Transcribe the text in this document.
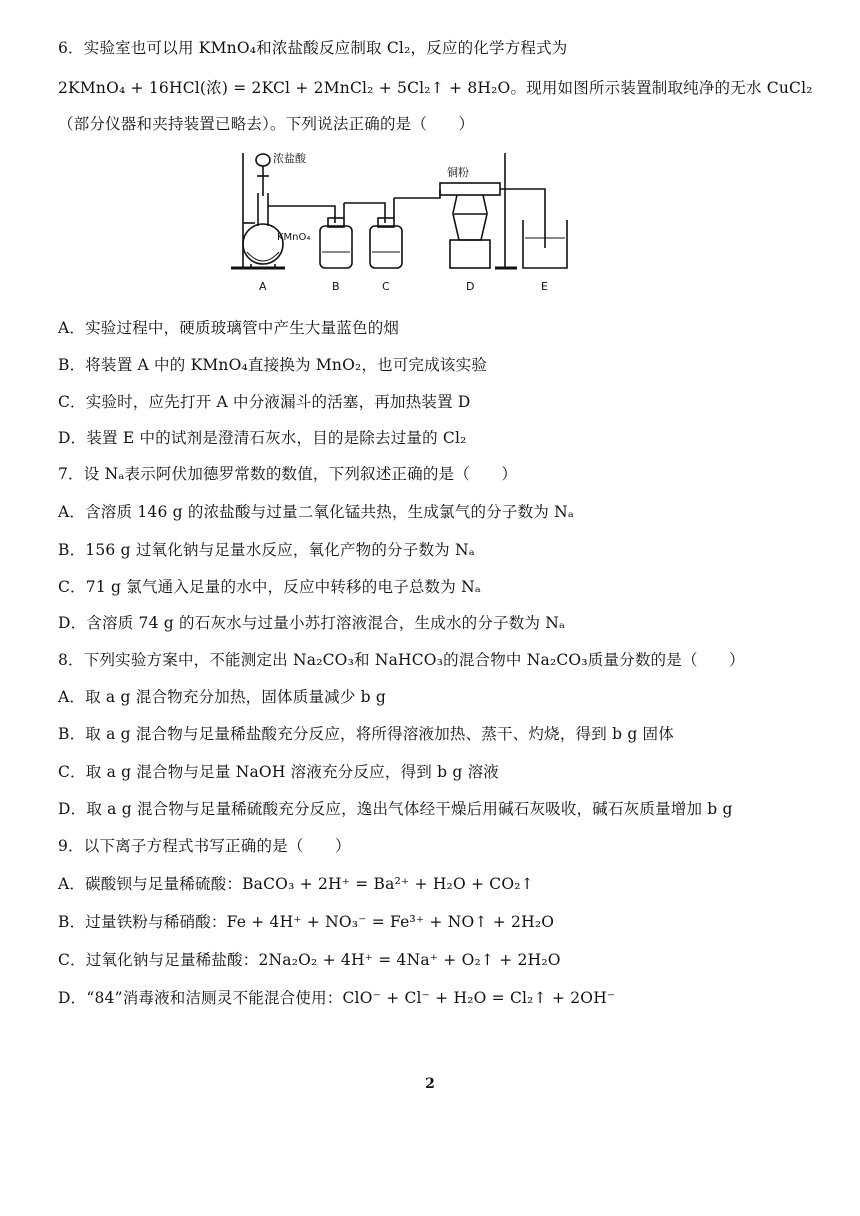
6．实验室也可以用 KMnO₄和浓盐酸反应制取 Cl₂，反应的化学方程式为
2KMnO₄ + 16HCl(浓) = 2KCl + 2MnCl₂ + 5Cl₂↑ + 8H₂O。现用如图所示装置制取纯净的无水 CuCl₂
（部分仪器和夹持装置已略去）。下列说法正确的是（　　）
浓盐酸
KMnO₄
铜粉
A	B	C	D	E
A．实验过程中，硬质玻璃管中产生大量蓝色的烟
B．将装置 A 中的 KMnO₄直接换为 MnO₂，也可完成该实验
C．实验时，应先打开 A 中分液漏斗的活塞，再加热装置 D
D．装置 E 中的试剂是澄清石灰水，目的是除去过量的 Cl₂
7．设 Nₐ表示阿伏加德罗常数的数值，下列叙述正确的是（　　）
A．含溶质 146 g 的浓盐酸与过量二氧化锰共热，生成氯气的分子数为 Nₐ
B．156 g 过氧化钠与足量水反应，氧化产物的分子数为 Nₐ
C．71 g 氯气通入足量的水中，反应中转移的电子总数为 Nₐ
D．含溶质 74 g 的石灰水与过量小苏打溶液混合，生成水的分子数为 Nₐ
8．下列实验方案中，不能测定出 Na₂CO₃和 NaHCO₃的混合物中 Na₂CO₃质量分数的是（　　）
A．取 a g 混合物充分加热，固体质量减少 b g
B．取 a g 混合物与足量稀盐酸充分反应，将所得溶液加热、蒸干、灼烧，得到 b g 固体
C．取 a g 混合物与足量 NaOH 溶液充分反应，得到 b g 溶液
D．取 a g 混合物与足量稀硫酸充分反应，逸出气体经干燥后用碱石灰吸收，碱石灰质量增加 b g
9．以下离子方程式书写正确的是（　　）
A．碳酸钡与足量稀硫酸：BaCO₃ + 2H⁺ = Ba²⁺ + H₂O + CO₂↑
B．过量铁粉与稀硝酸：Fe + 4H⁺ + NO₃⁻ = Fe³⁺ + NO↑ + 2H₂O
C．过氧化钠与足量稀盐酸：2Na₂O₂ + 4H⁺ = 4Na⁺ + O₂↑ + 2H₂O
D．“84”消毒液和洁厕灵不能混合使用：ClO⁻ + Cl⁻ + H₂O = Cl₂↑ + 2OH⁻
2
